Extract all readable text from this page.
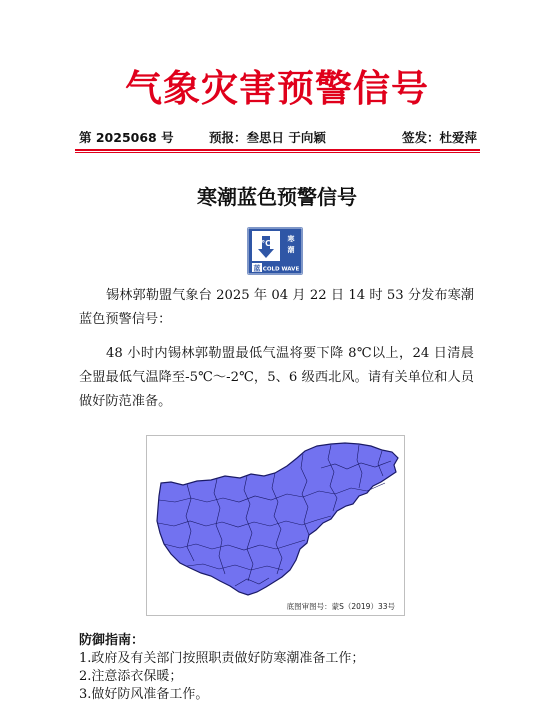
气象灾害预警信号
第 2025068 号	预报：叁思日 于向颖	签发：杜爱萍
寒潮蓝色预警信号
°C 寒
潮
蓝 COLD WAVE

锡林郭勒盟气象台 2025 年 04 月 22 日 14 时 53 分发布寒潮蓝色预警信号：

48 小时内锡林郭勒盟最低气温将要下降 8℃以上，24 日清晨全盟最低气温降至-5℃～-2℃，5、6 级西北风。请有关单位和人员做好防范准备。

底图审图号：蒙S（2019）33号
防御指南：
1.政府及有关部门按照职责做好防寒潮准备工作；
2.注意添衣保暖；
3.做好防风准备工作。
